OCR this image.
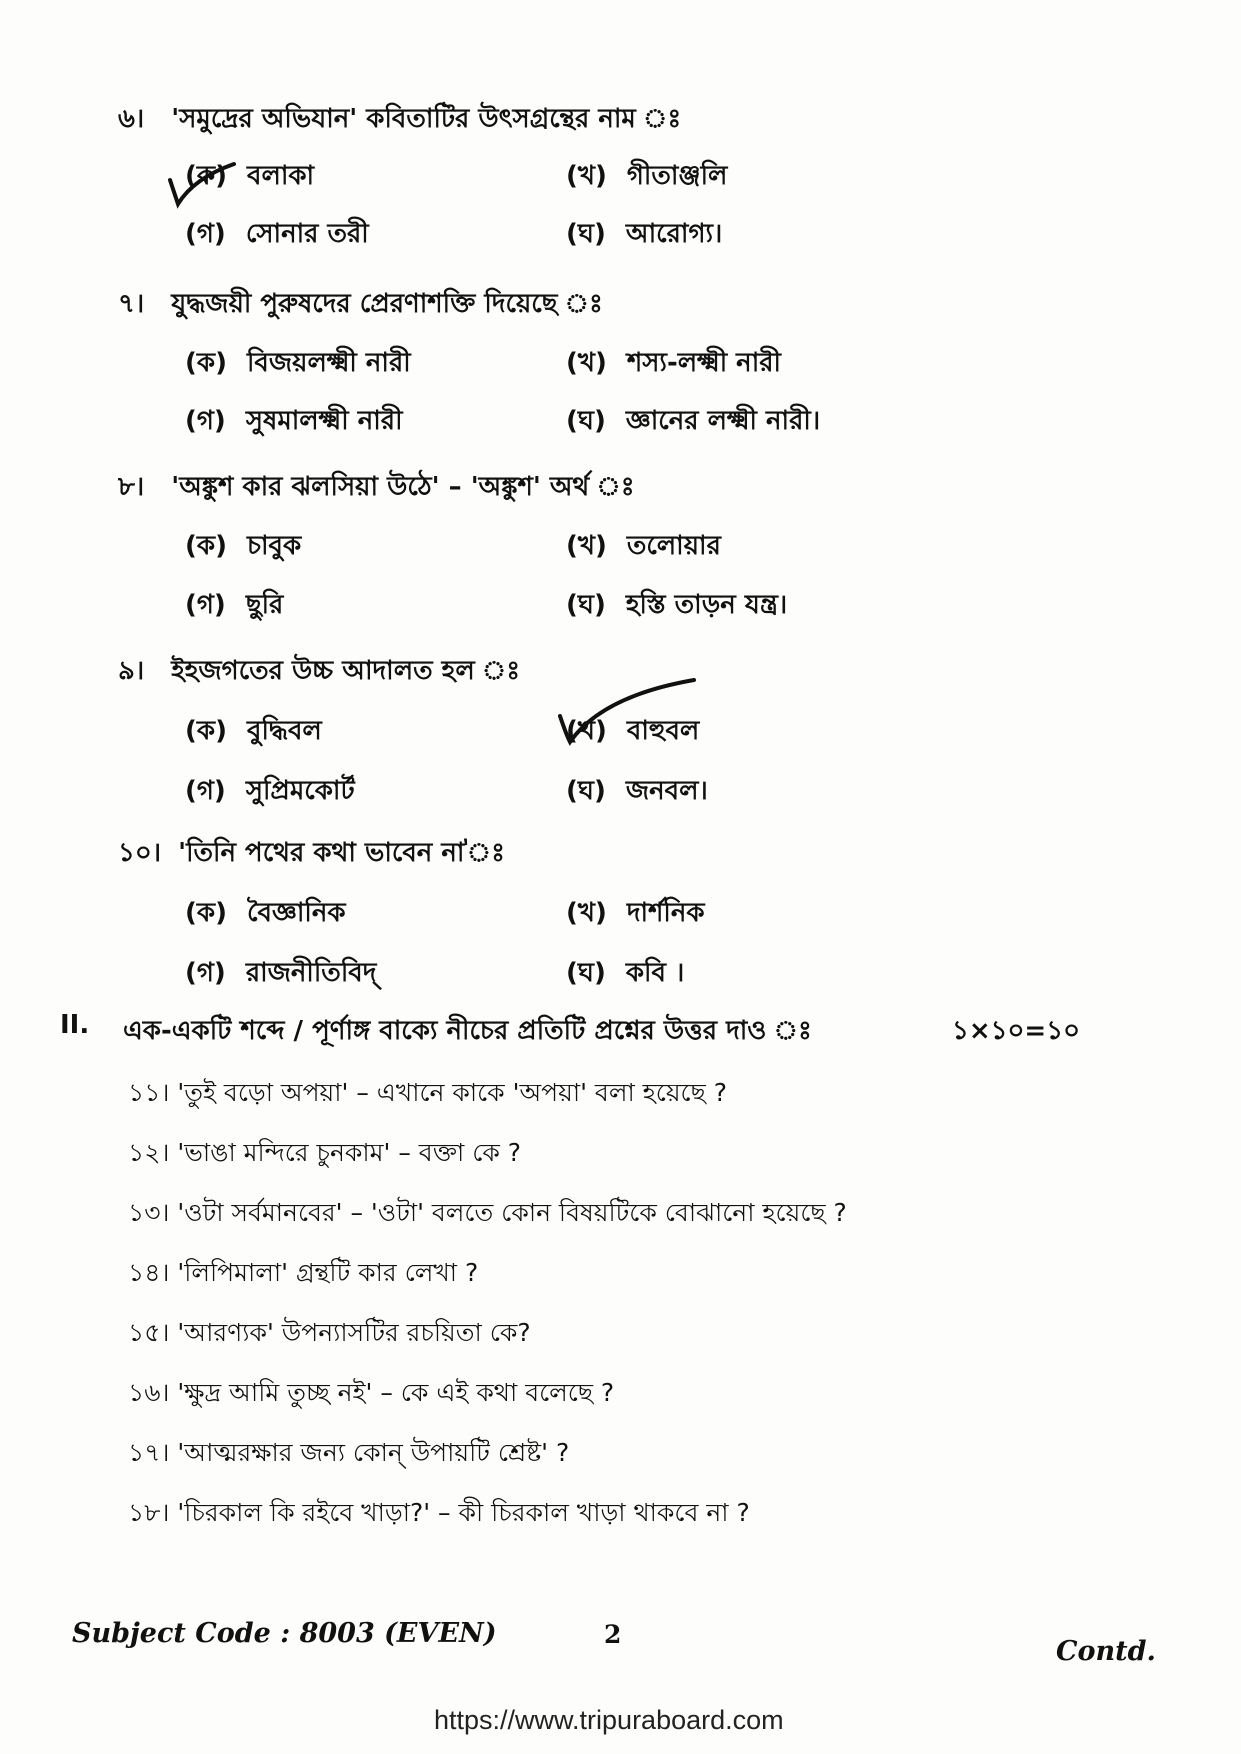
৬। 'সমুদ্রের অভিযান' কবিতাটির উৎসগ্রন্থের নাম ঃ
(ক) বলাকা	(খ) গীতাঞ্জলি
(গ) সোনার তরী	(ঘ) আরোগ্য।
৭। যুদ্ধজয়ী পুরুষদের প্রেরণাশক্তি দিয়েছে ঃ
(ক) বিজয়লক্ষ্মী নারী	(খ) শস্য-লক্ষ্মী নারী
(গ) সুষমালক্ষ্মী নারী	(ঘ) জ্ঞানের লক্ষ্মী নারী।
৮। 'অঙ্কুশ কার ঝলসিয়া উঠে' – 'অঙ্কুশ' অর্থ ঃ
(ক) চাবুক	(খ) তলোয়ার
(গ) ছুরি	(ঘ) হস্তি তাড়ন যন্ত্র।
৯। ইহজগতের উচ্চ আদালত হল ঃ
(ক) বুদ্ধিবল	(খ) বাহুবল
(গ) সুপ্রিমকোর্ট	(ঘ) জনবল।
১০। 'তিনি পথের কথা ভাবেন না'ঃ
(ক) বৈজ্ঞানিক	(খ) দার্শনিক
(গ) রাজনীতিবিদ্	(ঘ) কবি ।
II. এক-একটি শব্দে / পূর্ণাঙ্গ বাক্যে নীচের প্রতিটি প্রশ্নের উত্তর দাও ঃ	১×১০=১০
১১। 'তুই বড়ো অপয়া' – এখানে কাকে 'অপয়া' বলা হয়েছে ?
১২। 'ভাঙা মন্দিরে চুনকাম' – বক্তা কে ?
১৩। 'ওটা সর্বমানবের' – 'ওটা' বলতে কোন বিষয়টিকে বোঝানো হয়েছে ?
১৪। 'লিপিমালা' গ্রন্থটি কার লেখা ?
১৫। 'আরণ্যক' উপন্যাসটির রচয়িতা কে?
১৬। 'ক্ষুদ্র আমি তুচ্ছ নই' – কে এই কথা বলেছে ?
১৭। 'আত্মরক্ষার জন্য কোন্ উপায়টি শ্রেষ্ট' ?
১৮। 'চিরকাল কি রইবে খাড়া?' – কী চিরকাল খাড়া থাকবে না ?
Subject Code : 8003 (EVEN)	2
Contd.
https://www.tripuraboard.com
